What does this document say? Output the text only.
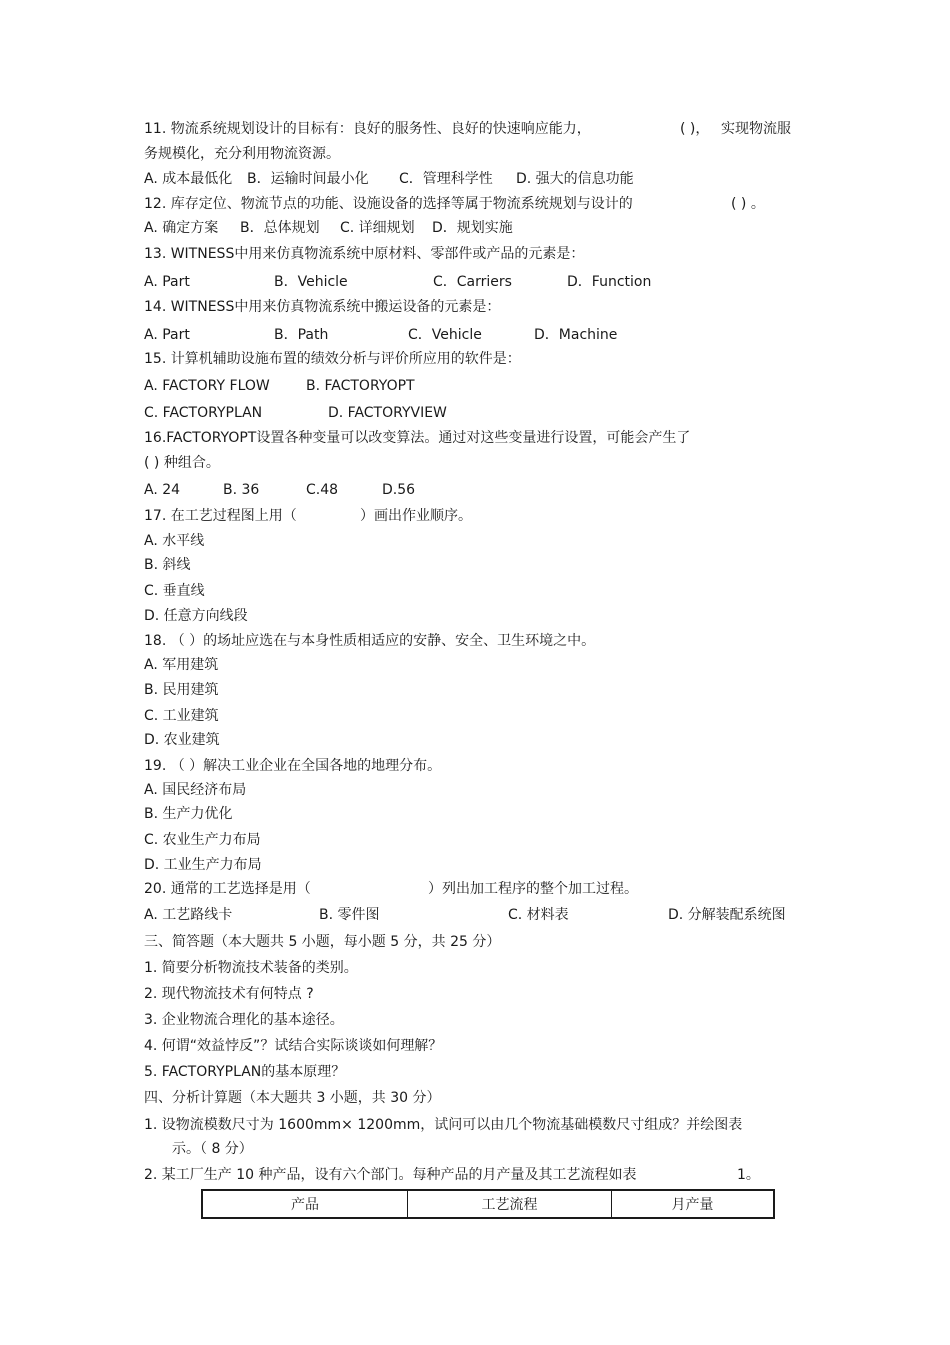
11. 物流系统规划设计的目标有：良好的服务性、良好的快速响应能力，	( )， 实现物流服
务规模化，充分利用物流资源。
A. 成本最低化 B．运输时间最小化 C．管理科学性 D. 强大的信息功能
12. 库存定位、物流节点的功能、设施设备的选择等属于物流系统规划与设计的	( ) 。
A. 确定方案 B．总体规划 C. 详细规划 D．规划实施
13. WITNESS中用来仿真物流系统中原材料、零部件或产品的元素是：
A. Part	B．Vehicle	C．Carriers	D．Function
14. WITNESS中用来仿真物流系统中搬运设备的元素是：
A. Part	B．Path	C．Vehicle	D．Machine
15. 计算机辅助设施布置的绩效分析与评价所应用的软件是：
A. FACTORY FLOW	B. FACTORYOPT
C. FACTORYPLAN	D. FACTORYVIEW
16.FACTORYOPT设置各种变量可以改变算法。通过对这些变量进行设置，可能会产生了
( ) 种组合。
A. 24	B. 36	C.48	D.56
17. 在工艺过程图上用（	）画出作业顺序。
A. 水平线
B. 斜线
C. 垂直线
D. 任意方向线段
18. （ ）的场址应选在与本身性质相适应的安静、安全、卫生环境之中。
A. 军用建筑
B. 民用建筑
C. 工业建筑
D. 农业建筑
19. （ ）解决工业企业在全国各地的地理分布。
A. 国民经济布局
B. 生产力优化
C. 农业生产力布局
D. 工业生产力布局
20. 通常的工艺选择是用（	）列出加工程序的整个加工过程。
A. 工艺路线卡	B. 零件图	C. 材料表	D. 分解装配系统图
三、简答题（本大题共 5 小题，每小题 5 分，共 25 分）
1. 简要分析物流技术装备的类别。
2. 现代物流技术有何特点 ?
3. 企业物流合理化的基本途径。
4. 何谓“效益悖反”？试结合实际谈谈如何理解？
5. FACTORYPLAN的基本原理？
四、分析计算题（本大题共 3 小题，共 30 分）
1. 设物流模数尺寸为 1600mm× 1200mm，试问可以由几个物流基础模数尺寸组成？并绘图表
示。（ 8 分）
2. 某工厂生产 10 种产品，设有六个部门。每种产品的月产量及其工艺流程如表	1。
产品	工艺流程	月产量
